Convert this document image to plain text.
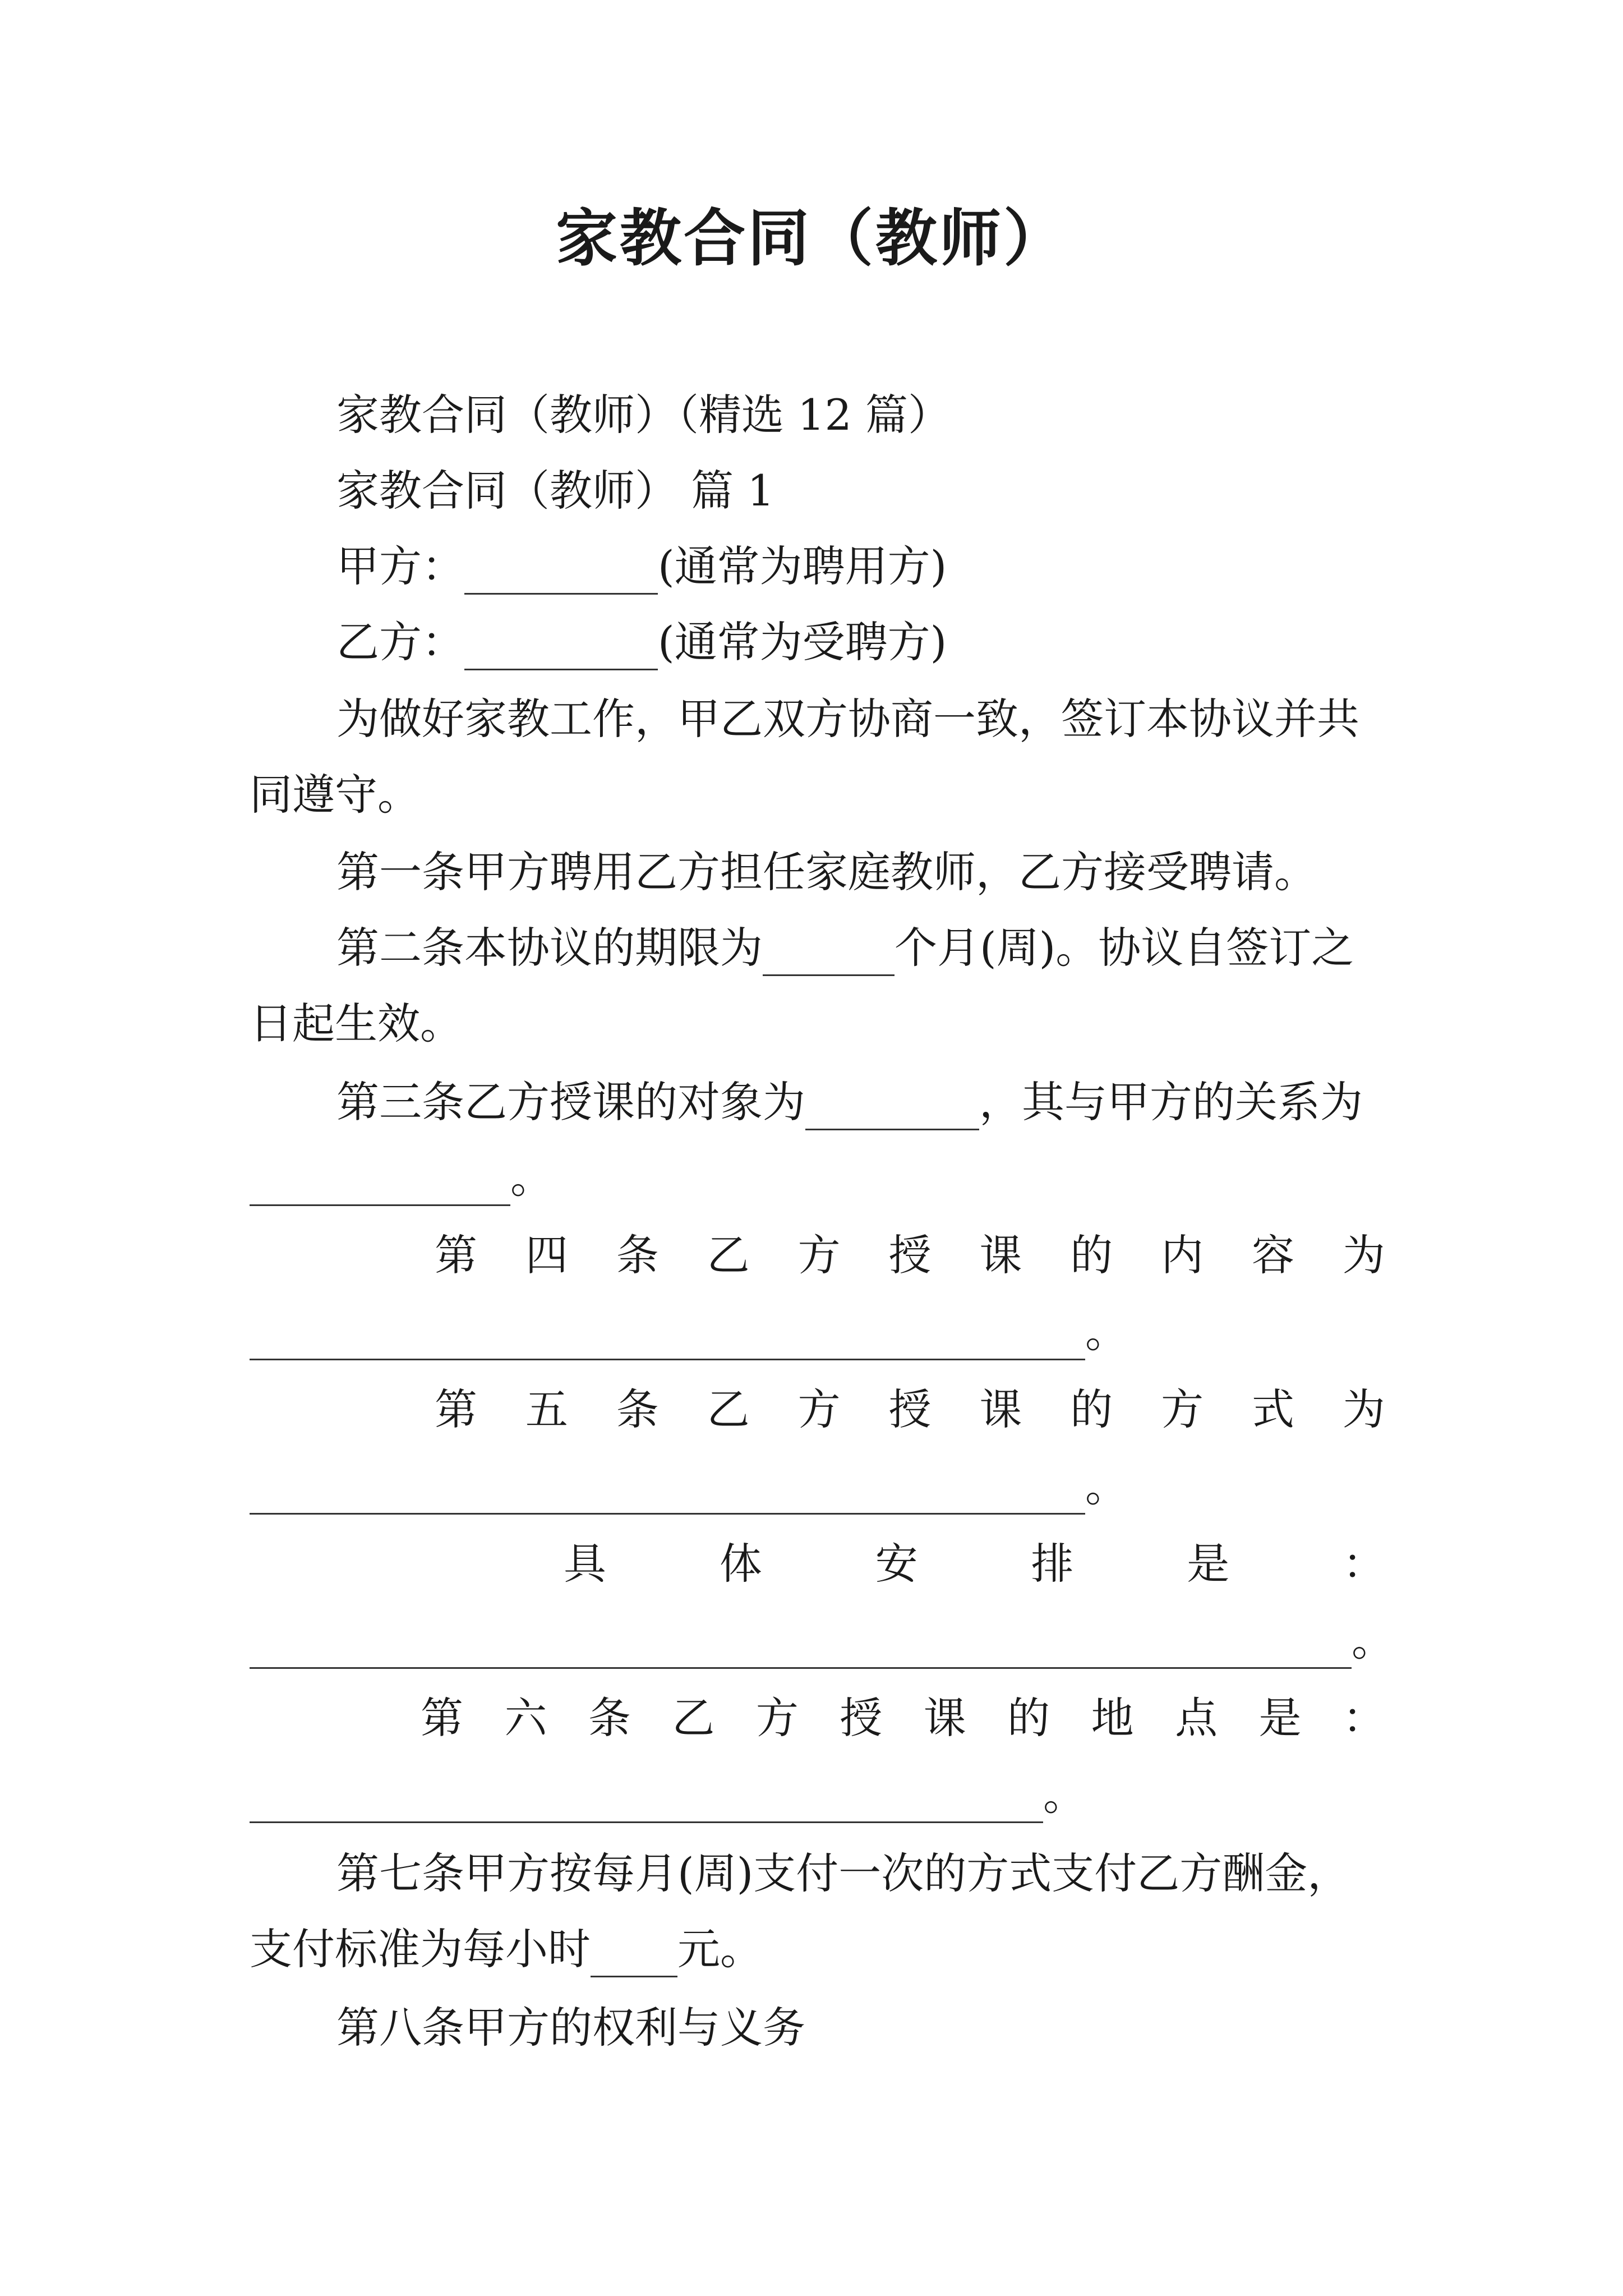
家教合同（教师）

家教合同（教师）（精选 12 篇）

家教合同（教师） 篇 1

甲方：	(通常为聘用方)

乙方：	(通常为受聘方)

为做好家教工作，甲乙双方协商一致，签订本协议并共

同遵守。

第一条甲方聘用乙方担任家庭教师，乙方接受聘请。

第二条本协议的期限为	个月(周)。协议自签订之

日起生效。

第三条乙方授课的对象为	，其与甲方的关系为

。

第 四 条 乙 方 授 课 的 内 容 为

。

第 五 条 乙 方 授 课 的 方 式 为

。

具	体	安	排	是	：

。

第 六 条 乙 方 授 课 的 地 点 是 ：

。

第七条甲方按每月(周)支付一次的方式支付乙方酬金，

支付标准为每小时 元。

第八条甲方的权利与义务
